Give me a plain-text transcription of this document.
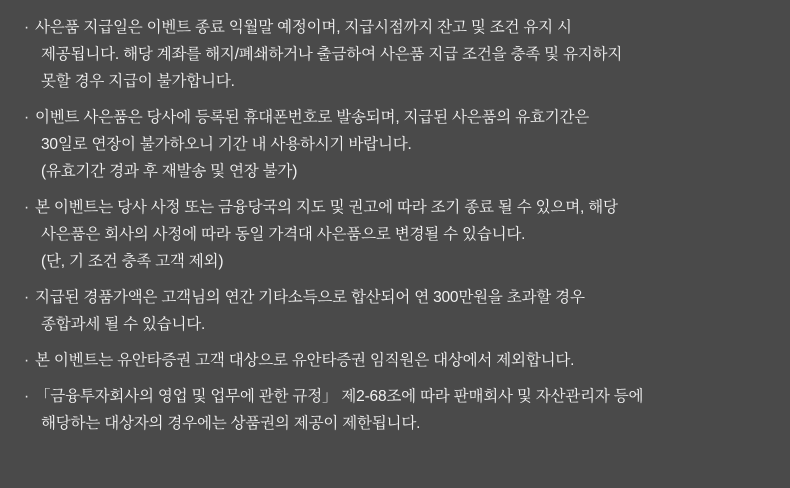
· 사은품 지급일은 이벤트 종료 익월말 예정이며, 지급시점까지 잔고 및 조건 유지 시
제공됩니다. 해당 계좌를 해지/폐쇄하거나 출금하여 사은품 지급 조건을 충족 및 유지하지
못할 경우 지급이 불가합니다.
· 이벤트 사은품은 당사에 등록된 휴대폰번호로 발송되며, 지급된 사은품의 유효기간은
30일로 연장이 불가하오니 기간 내 사용하시기 바랍니다.
(유효기간 경과 후 재발송 및 연장 불가)
· 본 이벤트는 당사 사정 또는 금융당국의 지도 및 권고에 따라 조기 종료 될 수 있으며, 해당
사은품은 회사의 사정에 따라 동일 가격대 사은품으로 변경될 수 있습니다.
(단, 기 조건 충족 고객 제외)
· 지급된 경품가액은 고객님의 연간 기타소득으로 합산되어 연 300만원을 초과할 경우
종합과세 될 수 있습니다.
· 본 이벤트는 유안타증권 고객 대상으로 유안타증권 임직원은 대상에서 제외합니다.
· 「금융투자회사의 영업 및 업무에 관한 규정」 제2-68조에 따라 판매회사 및 자산관리자 등에
해당하는 대상자의 경우에는 상품권의 제공이 제한됩니다.
